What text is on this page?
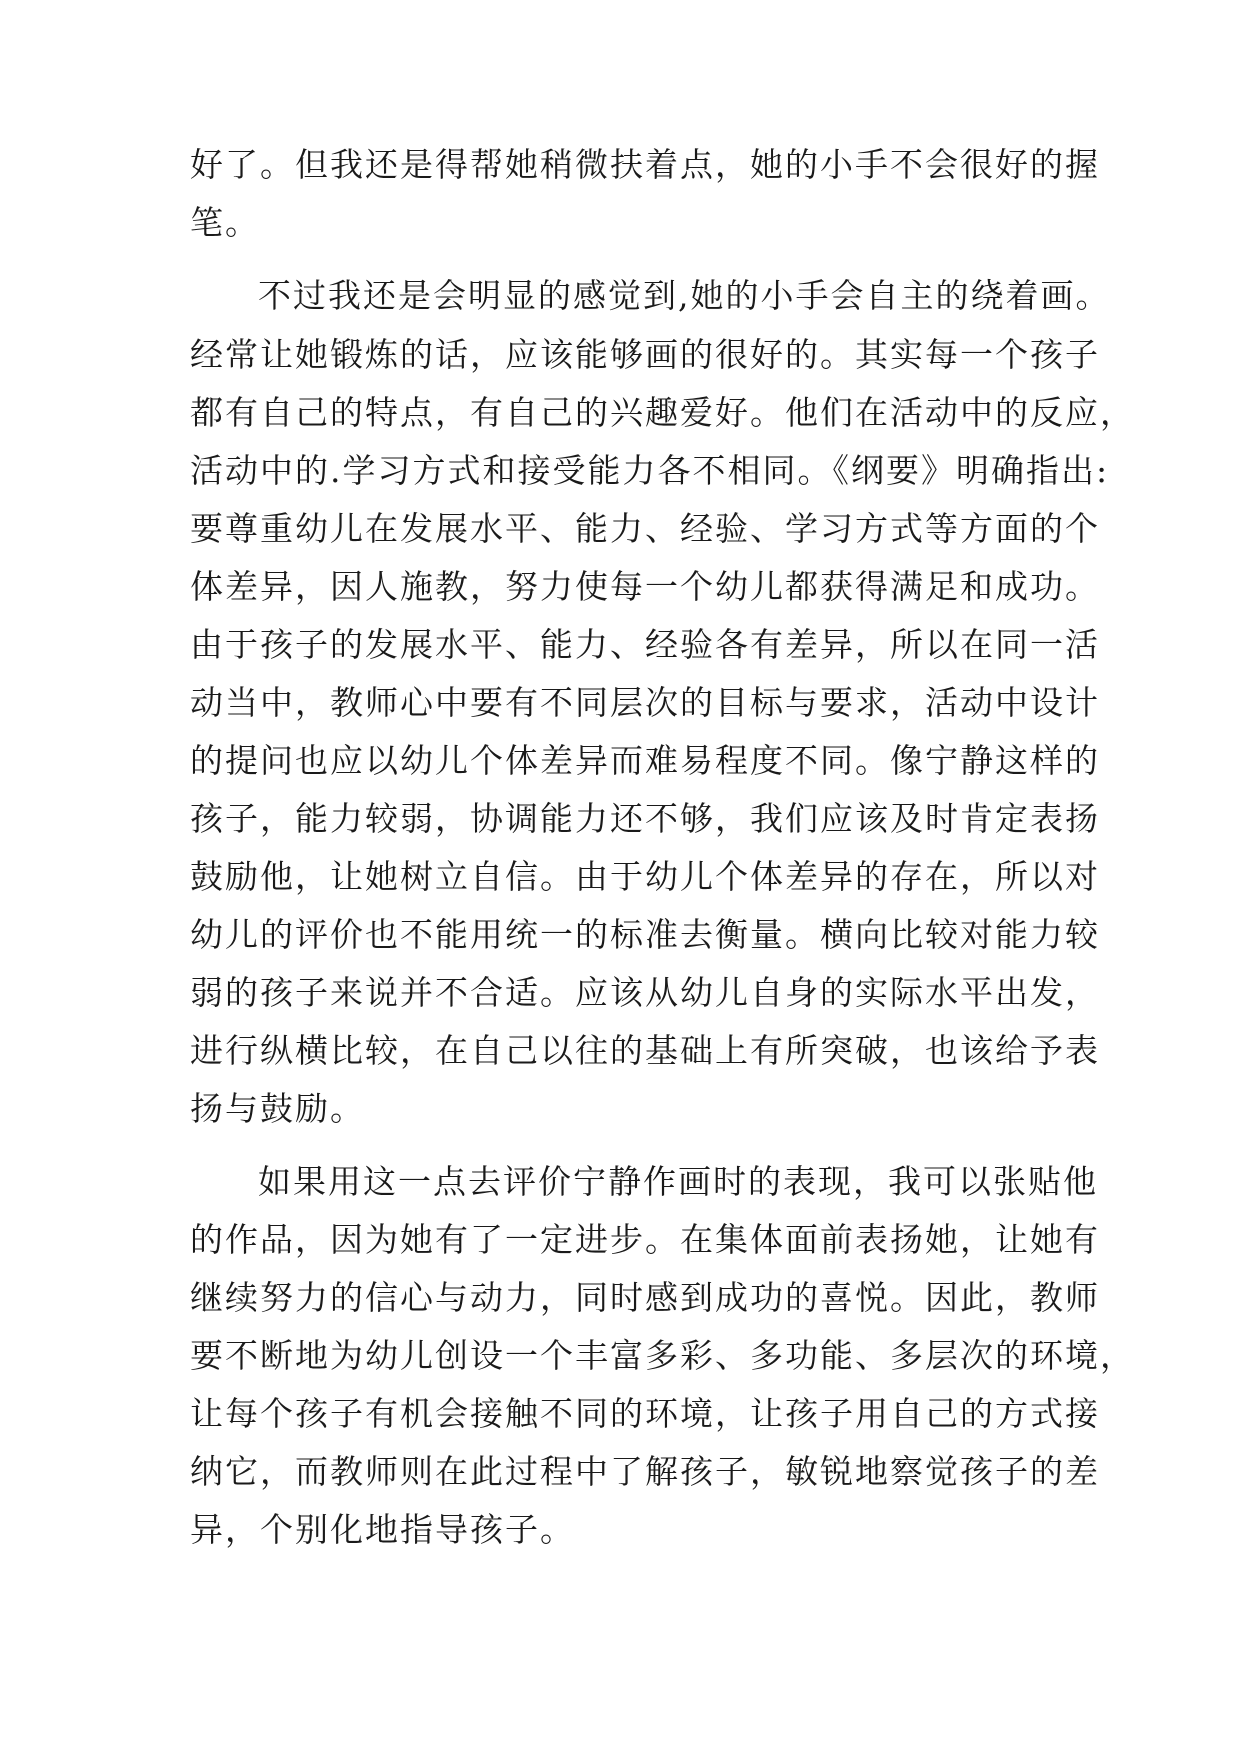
好了。但我还是得帮她稍微扶着点，她的小手不会很好的握

笔。

不过我还是会明显的感觉到,她的小手会自主的绕着画。

经常让她锻炼的话，应该能够画的很好的。其实每一个孩子

都有自己的特点，有自己的兴趣爱好。他们在活动中的反应，

活动中的.学习方式和接受能力各不相同。《纲要》明确指出:

要尊重幼儿在发展水平、能力、经验、学习方式等方面的个

体差异，因人施教，努力使每一个幼儿都获得满足和成功。

由于孩子的发展水平、能力、经验各有差异，所以在同一活

动当中，教师心中要有不同层次的目标与要求，活动中设计

的提问也应以幼儿个体差异而难易程度不同。像宁静这样的

孩子，能力较弱，协调能力还不够，我们应该及时肯定表扬

鼓励他，让她树立自信。由于幼儿个体差异的存在，所以对

幼儿的评价也不能用统一的标准去衡量。横向比较对能力较

弱的孩子来说并不合适。应该从幼儿自身的实际水平出发，

进行纵横比较，在自己以往的基础上有所突破，也该给予表

扬与鼓励。

如果用这一点去评价宁静作画时的表现，我可以张贴他

的作品，因为她有了一定进步。在集体面前表扬她，让她有

继续努力的信心与动力，同时感到成功的喜悦。因此，教师

要不断地为幼儿创设一个丰富多彩、多功能、多层次的环境，

让每个孩子有机会接触不同的环境，让孩子用自己的方式接

纳它，而教师则在此过程中了解孩子，敏锐地察觉孩子的差

异，个别化地指导孩子。
